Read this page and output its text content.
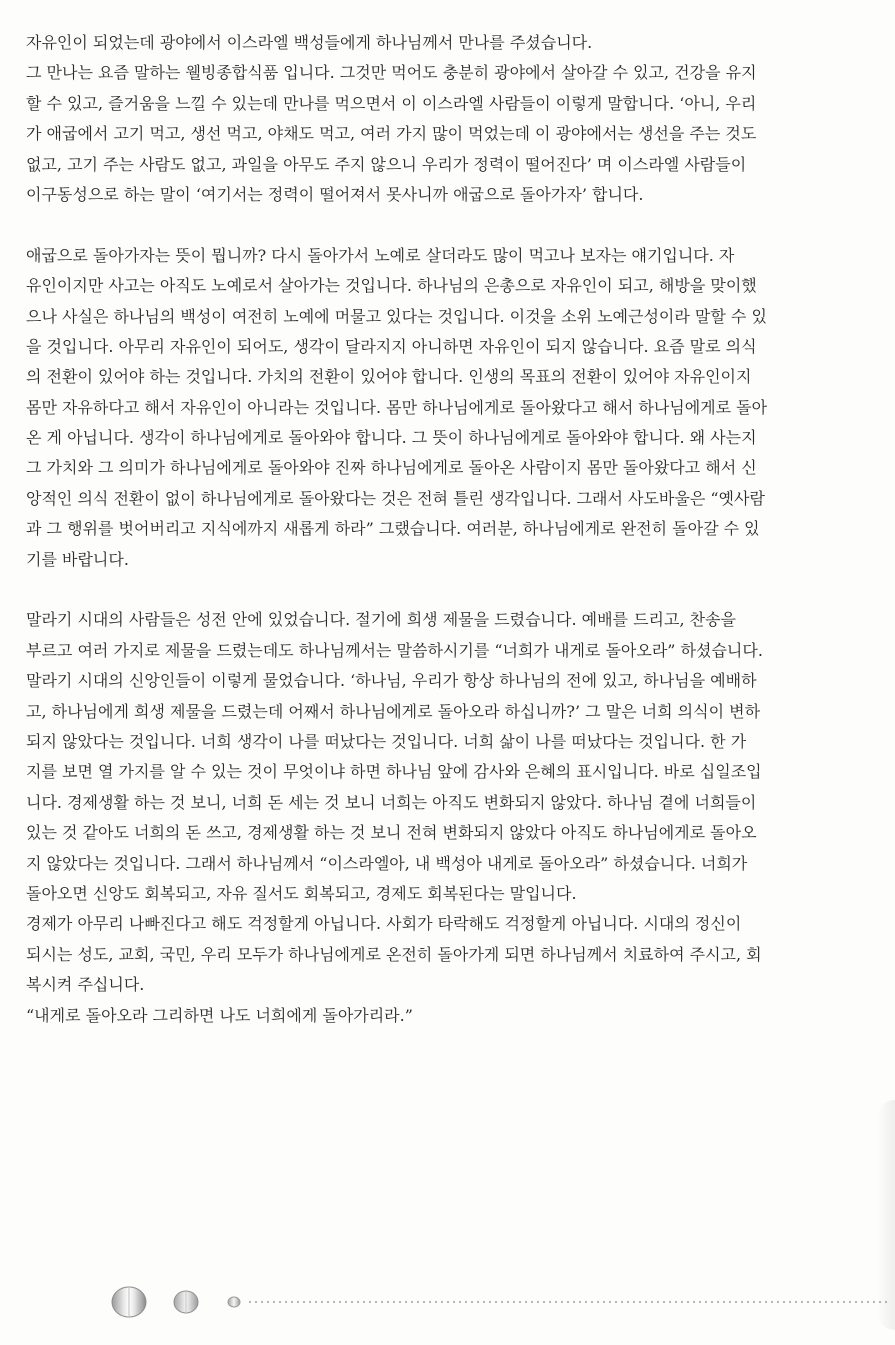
자유인이 되었는데 광야에서 이스라엘 백성들에게 하나님께서 만나를 주셨습니다.
그 만나는 요즘 말하는 웰빙종합식품 입니다. 그것만 먹어도 충분히 광야에서 살아갈 수 있고, 건강을 유지
할 수 있고, 즐거움을 느낄 수 있는데 만나를 먹으면서 이 이스라엘 사람들이 이렇게 말합니다. ‘아니, 우리
가 애굽에서 고기 먹고, 생선 먹고, 야채도 먹고, 여러 가지 많이 먹었는데 이 광야에서는 생선을 주는 것도
없고, 고기 주는 사람도 없고, 과일을 아무도 주지 않으니 우리가 정력이 떨어진다’ 며 이스라엘 사람들이
이구동성으로 하는 말이 ‘여기서는 정력이 떨어져서 못사니까 애굽으로 돌아가자’ 합니다.
애굽으로 돌아가자는 뜻이 뭡니까? 다시 돌아가서 노예로 살더라도 많이 먹고나 보자는 얘기입니다. 자
유인이지만 사고는 아직도 노예로서 살아가는 것입니다. 하나님의 은총으로 자유인이 되고, 해방을 맞이했
으나 사실은 하나님의 백성이 여전히 노예에 머물고 있다는 것입니다. 이것을 소위 노예근성이라 말할 수 있
을 것입니다. 아무리 자유인이 되어도, 생각이 달라지지 아니하면 자유인이 되지 않습니다. 요즘 말로 의식
의 전환이 있어야 하는 것입니다. 가치의 전환이 있어야 합니다. 인생의 목표의 전환이 있어야 자유인이지
몸만 자유하다고 해서 자유인이 아니라는 것입니다. 몸만 하나님에게로 돌아왔다고 해서 하나님에게로 돌아
온 게 아닙니다. 생각이 하나님에게로 돌아와야 합니다. 그 뜻이 하나님에게로 돌아와야 합니다. 왜 사는지
그 가치와 그 의미가 하나님에게로 돌아와야 진짜 하나님에게로 돌아온 사람이지 몸만 돌아왔다고 해서 신
앙적인 의식 전환이 없이 하나님에게로 돌아왔다는 것은 전혀 틀린 생각입니다. 그래서 사도바울은 “옛사람
과 그 행위를 벗어버리고 지식에까지 새롭게 하라” 그랬습니다. 여러분, 하나님에게로 완전히 돌아갈 수 있
기를 바랍니다.
말라기 시대의 사람들은 성전 안에 있었습니다. 절기에 희생 제물을 드렸습니다. 예배를 드리고, 찬송을
부르고 여러 가지로 제물을 드렸는데도 하나님께서는 말씀하시기를 “너희가 내게로 돌아오라” 하셨습니다.
말라기 시대의 신앙인들이 이렇게 물었습니다. ‘하나님, 우리가 항상 하나님의 전에 있고, 하나님을 예배하
고, 하나님에게 희생 제물을 드렸는데 어째서 하나님에게로 돌아오라 하십니까?’ 그 말은 너희 의식이 변하
되지 않았다는 것입니다. 너희 생각이 나를 떠났다는 것입니다. 너희 삶이 나를 떠났다는 것입니다. 한 가
지를 보면 열 가지를 알 수 있는 것이 무엇이냐 하면 하나님 앞에 감사와 은혜의 표시입니다. 바로 십일조입
니다. 경제생활 하는 것 보니, 너희 돈 세는 것 보니 너희는 아직도 변화되지 않았다. 하나님 곁에 너희들이
있는 것 같아도 너희의 돈 쓰고, 경제생활 하는 것 보니 전혀 변화되지 않았다 아직도 하나님에게로 돌아오
지 않았다는 것입니다. 그래서 하나님께서 “이스라엘아, 내 백성아 내게로 돌아오라” 하셨습니다. 너희가
돌아오면 신앙도 회복되고, 자유 질서도 회복되고, 경제도 회복된다는 말입니다.
경제가 아무리 나빠진다고 해도 걱정할게 아닙니다. 사회가 타락해도 걱정할게 아닙니다. 시대의 정신이
되시는 성도, 교회, 국민, 우리 모두가 하나님에게로 온전히 돌아가게 되면 하나님께서 치료하여 주시고, 회
복시켜 주십니다.
“내게로 돌아오라 그리하면 나도 너희에게 돌아가리라.”
